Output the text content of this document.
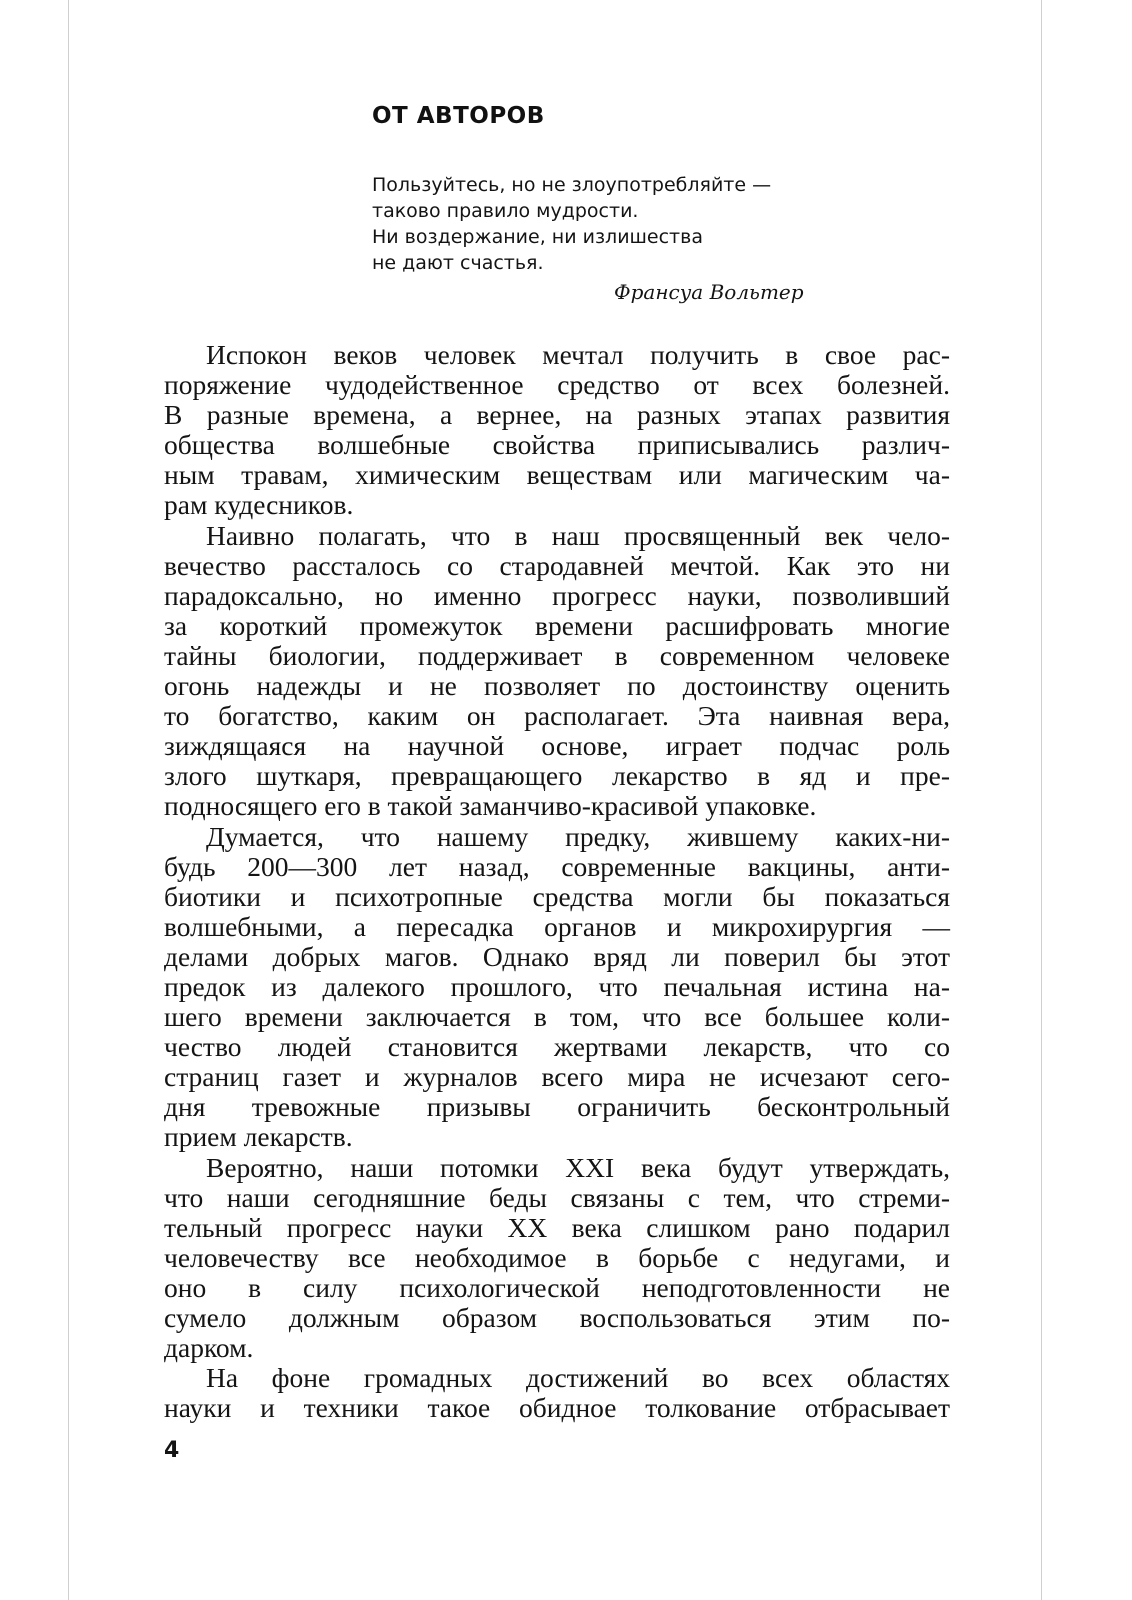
ОТ АВТОРОВ
Пользуйтесь, но не злоупотребляйте —
таково правило мудрости.
Ни воздержание, ни излишества
не дают счастья.
Франсуа Вольтер
Испокон веков человек мечтал получить в свое рас-
поряжение чудодейственное средство от всех болезней.
В разные времена, а вернее, на разных этапах развития
общества волшебные свойства приписывались различ-
ным травам, химическим веществам или магическим ча-
рам кудесников.
Наивно полагать, что в наш просвященный век чело-
вечество рассталось со стародавней мечтой. Как это ни
парадоксально, но именно прогресс науки, позволивший
за короткий промежуток времени расшифровать многие
тайны биологии, поддерживает в современном человеке
огонь надежды и не позволяет по достоинству оценить
то богатство, каким он располагает. Эта наивная вера,
зиждящаяся на научной основе, играет подчас роль
злого шуткаря, превращающего лекарство в яд и пре-
подносящего его в такой заманчиво-красивой упаковке.
Думается, что нашему предку, жившему каких-ни-
будь 200—300 лет назад, современные вакцины, анти-
биотики и психотропные средства могли бы показаться
волшебными, а пересадка органов и микрохирургия —
делами добрых магов. Однако вряд ли поверил бы этот
предок из далекого прошлого, что печальная истина на-
шего времени заключается в том, что все большее коли-
чество людей становится жертвами лекарств, что со
страниц газет и журналов всего мира не исчезают сего-
дня тревожные призывы ограничить бесконтрольный
прием лекарств.
Вероятно, наши потомки XXI века будут утверждать,
что наши сегодняшние беды связаны с тем, что стреми-
тельный прогресс науки XX века слишком рано подарил
человечеству все необходимое в борьбе с недугами, и
оно в силу психологической неподготовленности не
сумело должным образом воспользоваться этим по-
дарком.
На фоне громадных достижений во всех областях
науки и техники такое обидное толкование отбрасывает
4
